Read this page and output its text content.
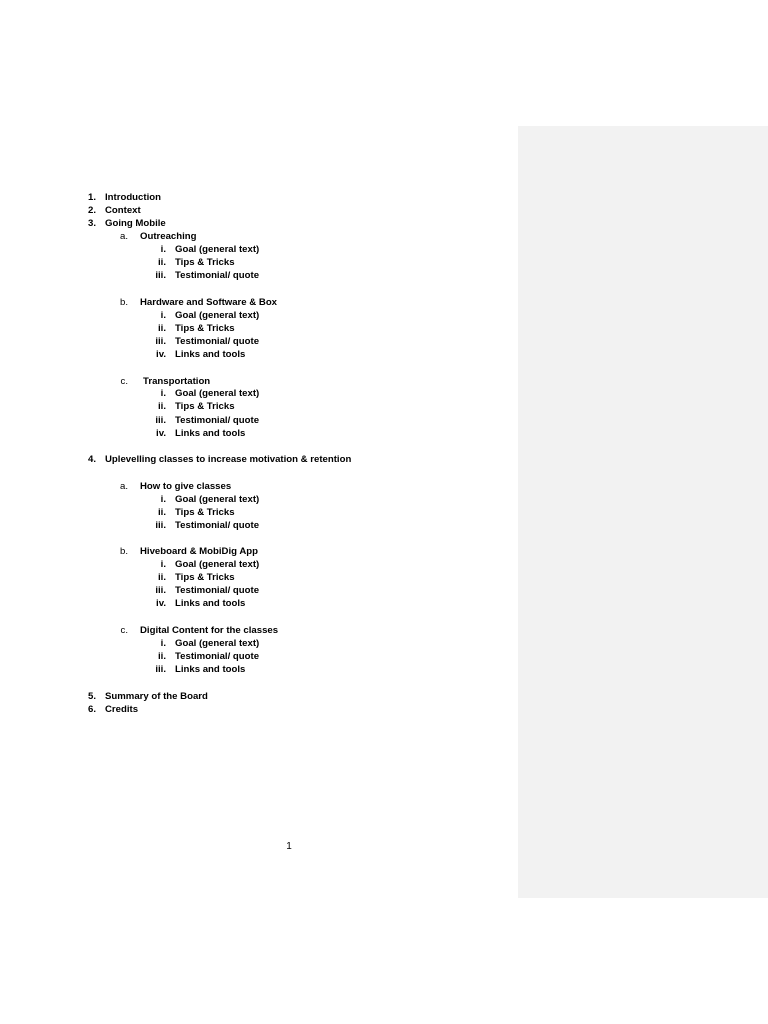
1. Introduction
2. Context
3. Going Mobile
a. Outreaching
i. Goal (general text)
ii. Tips & Tricks
iii. Testimonial/ quote
b. Hardware and Software & Box
i. Goal (general text)
ii. Tips & Tricks
iii. Testimonial/ quote
iv. Links and tools
c. Transportation
i. Goal (general text)
ii. Tips & Tricks
iii. Testimonial/ quote
iv. Links and tools
4. Uplevelling classes to increase motivation & retention
a. How to give classes
i. Goal (general text)
ii. Tips & Tricks
iii. Testimonial/ quote
b. Hiveboard & MobiDig App
i. Goal (general text)
ii. Tips & Tricks
iii. Testimonial/ quote
iv. Links and tools
c. Digital Content for the classes
i. Goal (general text)
ii. Testimonial/ quote
iii. Links and tools
5. Summary of the Board
6. Credits
1
